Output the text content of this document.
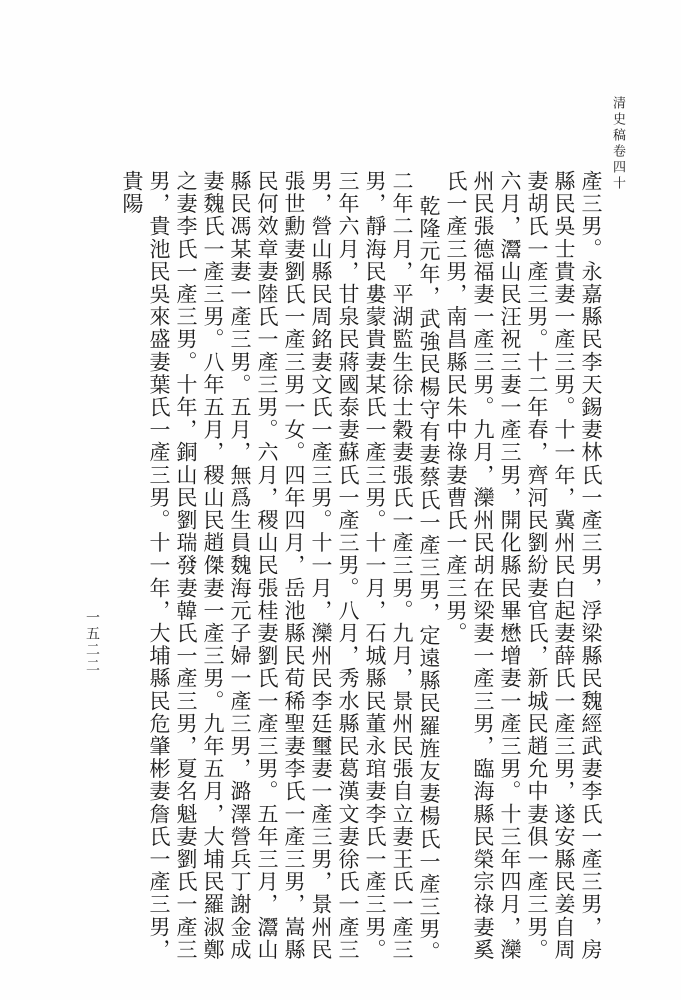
清史稿卷四十
一五二二	產三男。永嘉縣民李天錫妻林氏一產三男，浮梁縣民魏經武妻李氏一產三男，房縣民吳士貴妻一產三男。十一年，冀州民白起妻薛氏一產三男，遂安縣民姜自周妻胡氏一產三男。十二年春，齊河民劉紛妻官氏，新城民趙允中妻俱一產三男。六月，灊山民汪祝三妻一產三男，開化縣民畢懋增妻一產三男。十三年四月，灤州民張德福妻一產三男。九月，灤州民胡在梁妻一產三男，臨海縣民榮宗祿妻奚氏一產三男，南昌縣民朱中祿妻曹氏一產三男。

乾隆元年，武強民楊守有妻蔡氏一產三男，定遠縣民羅旌友妻楊氏一產三男。二年二月，平湖監生徐士穀妻張氏一產三男。九月，景州民張自立妻王氏一產三男，靜海民婁蒙貴妻某氏一產三男。十一月，石城縣民董永琯妻李氏一產三男。三年六月，甘泉民蔣國泰妻蘇氏一產三男。八月，秀水縣民葛漢文妻徐氏一產三男，營山縣民周銘妻文氏一產三男。十一月，灤州民李廷璽妻一產三男，景州民張世勳妻劉氏一產三男一女。四年四月，岳池縣民荀稀聖妻李氏一產三男，嵩縣民何效章妻陸氏一產三男。六月，稷山民張桂妻劉氏一產三男。五年三月，灊山縣民馮某妻一產三男。五月，無爲生員魏海元子婦一產三男，潞澤營兵丁謝金成妻魏氏一產三男。八年五月，稷山民趙傑妻一產三男。九年五月，大埔民羅淑鄭之妻李氏一產三男。十年，銅山民劉瑞發妻韓氏一產三男，夏名魁妻劉氏一產三男，貴池民吳來盛妻葉氏一產三男。十一年，大埔縣民危肇彬妻詹氏一產三男，貴陽
